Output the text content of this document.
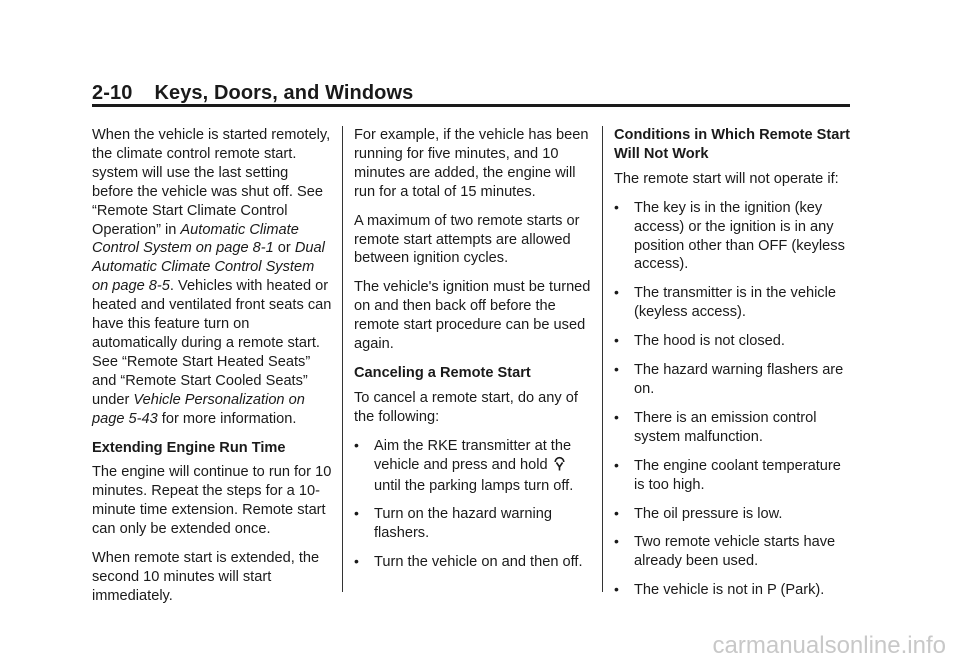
2-10 Keys, Doors, and Windows

When the vehicle is started remotely, the climate control remote start. system will use the last setting before the vehicle was shut off. See “Remote Start Climate Control Operation” in Automatic Climate Control System on page 8-1 or Dual Automatic Climate Control System on page 8-5. Vehicles with heated or heated and ventilated front seats can have this feature turn on automatically during a remote start. See “Remote Start Heated Seats” and “Remote Start Cooled Seats” under Vehicle Personalization on page 5-43 for more information.

Extending Engine Run Time

The engine will continue to run for 10 minutes. Repeat the steps for a 10-minute time extension. Remote start can only be extended once.

When remote start is extended, the second 10 minutes will start immediately.

For example, if the vehicle has been running for five minutes, and 10 minutes are added, the engine will run for a total of 15 minutes.

A maximum of two remote starts or remote start attempts are allowed between ignition cycles.

The vehicle's ignition must be turned on and then back off before the remote start procedure can be used again.

Canceling a Remote Start

To cancel a remote start, do any of the following:

• Aim the RKE transmitter at the vehicle and press and hold  until the parking lamps turn off.
• Turn on the hazard warning flashers.
• Turn the vehicle on and then off.

Conditions in Which Remote Start Will Not Work

The remote start will not operate if:

• The key is in the ignition (key access) or the ignition is in any position other than OFF (keyless access).
• The transmitter is in the vehicle (keyless access).
• The hood is not closed.
• The hazard warning flashers are on.
• There is an emission control system malfunction.
• The engine coolant temperature is too high.
• The oil pressure is low.
• Two remote vehicle starts have already been used.
• The vehicle is not in P (Park).
carmanualsonline.info
